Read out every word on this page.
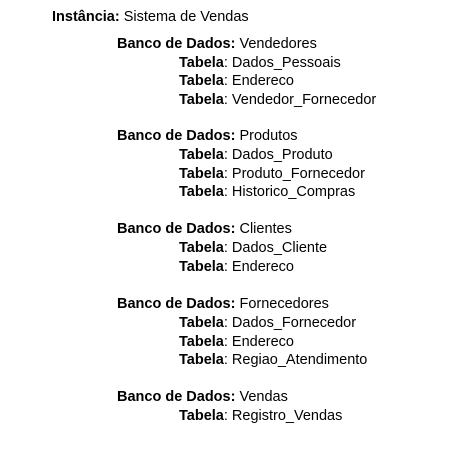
Instância: Sistema de Vendas
Banco de Dados: Vendedores
Tabela: Dados_Pessoais
Tabela: Endereco
Tabela: Vendedor_Fornecedor
Banco de Dados: Produtos
Tabela: Dados_Produto
Tabela: Produto_Fornecedor
Tabela: Historico_Compras
Banco de Dados: Clientes
Tabela: Dados_Cliente
Tabela: Endereco
Banco de Dados: Fornecedores
Tabela: Dados_Fornecedor
Tabela: Endereco
Tabela: Regiao_Atendimento
Banco de Dados: Vendas
Tabela: Registro_Vendas
